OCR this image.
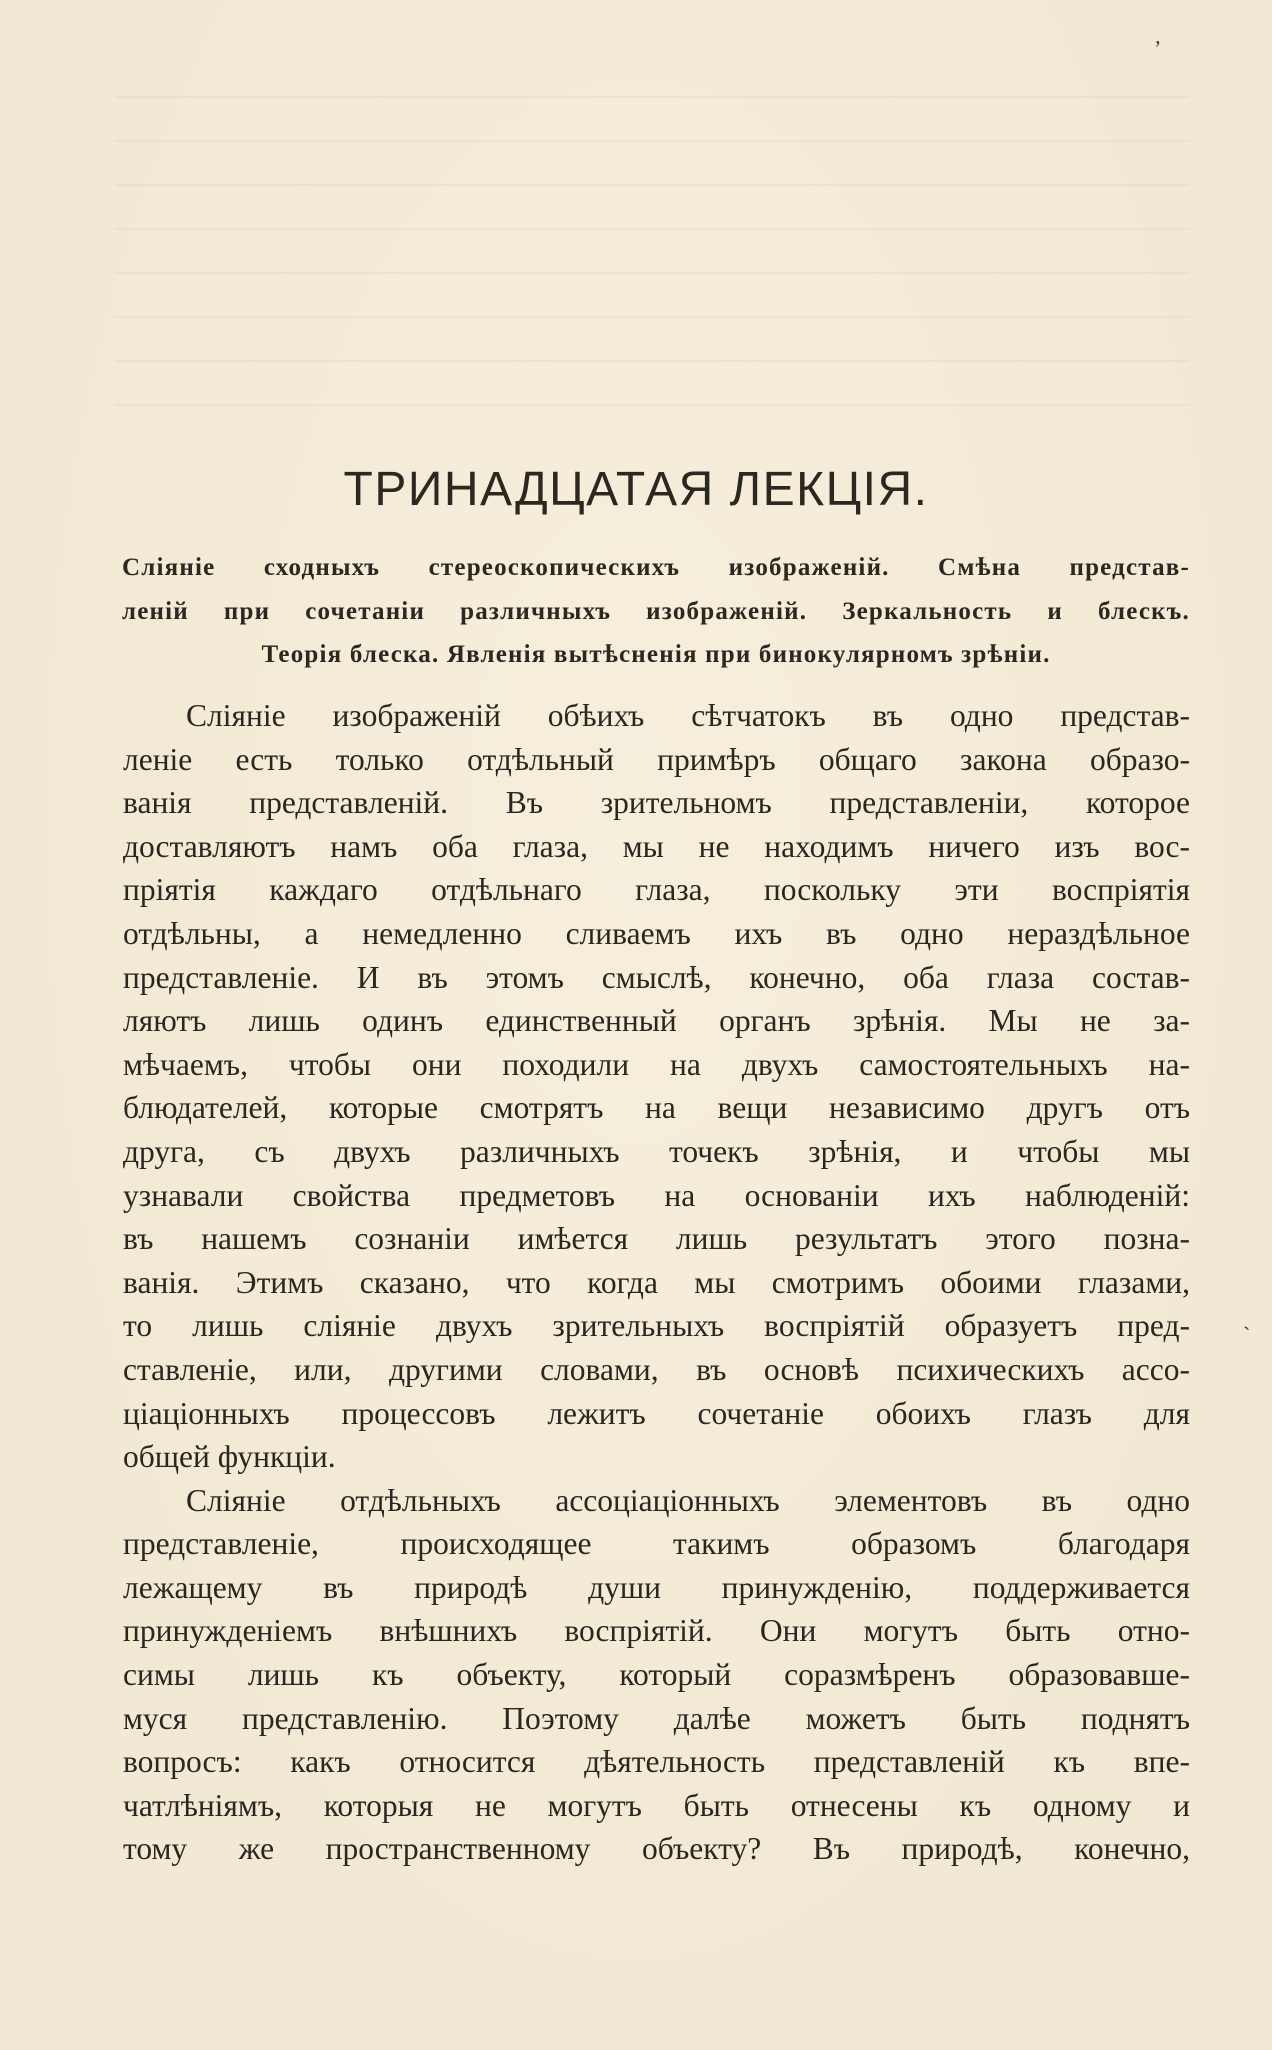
ТРИНАДЦАТАЯ ЛЕКЦІЯ.
Сліяніе сходныхъ стереоскопическихъ изображеній. Смѣна представ-
леній при сочетаніи различныхъ изображеній. Зеркальность и блескъ.
Теорія блеска. Явленія вытѣсненія при бинокулярномъ зрѣніи.
Сліяніе изображеній обѣихъ сѣтчатокъ въ одно представ-
леніе есть только отдѣльный примѣръ общаго закона образо-
ванія представленій. Въ зрительномъ представленіи, которое
доставляютъ намъ оба глаза, мы не находимъ ничего изъ вос-
пріятія каждаго отдѣльнаго глаза, поскольку эти воспріятія
отдѣльны, а немедленно сливаемъ ихъ въ одно нераздѣльное
представленіе. И въ этомъ смыслѣ, конечно, оба глаза состав-
ляютъ лишь одинъ единственный органъ зрѣнія. Мы не за-
мѣчаемъ, чтобы они походили на двухъ самостоятельныхъ на-
блюдателей, которые смотрятъ на вещи независимо другъ отъ
друга, съ двухъ различныхъ точекъ зрѣнія, и чтобы мы
узнавали свойства предметовъ на основаніи ихъ наблюденій:
въ нашемъ сознаніи имѣется лишь результатъ этого позна-
ванія. Этимъ сказано, что когда мы смотримъ обоими глазами,
то лишь сліяніе двухъ зрительныхъ воспріятій образуетъ пред-
ставленіе, или, другими словами, въ основѣ психическихъ ассо-
ціаціонныхъ процессовъ лежитъ сочетаніе обоихъ глазъ для
общей функціи.
Сліяніе отдѣльныхъ ассоціаціонныхъ элементовъ въ одно
представленіе, происходящее такимъ образомъ благодаря
лежащему въ природѣ души принужденію, поддерживается
принужденіемъ внѣшнихъ воспріятій. Они могутъ быть отно-
симы лишь къ объекту, который соразмѣренъ образовавше-
муся представленію. Поэтому далѣе можетъ быть поднятъ
вопросъ: какъ относится дѣятельность представленій къ впе-
чатлѣніямъ, которыя не могутъ быть отнесены къ одному и
тому же пространственному объекту? Въ природѣ, конечно,
ʼ
ˋ
